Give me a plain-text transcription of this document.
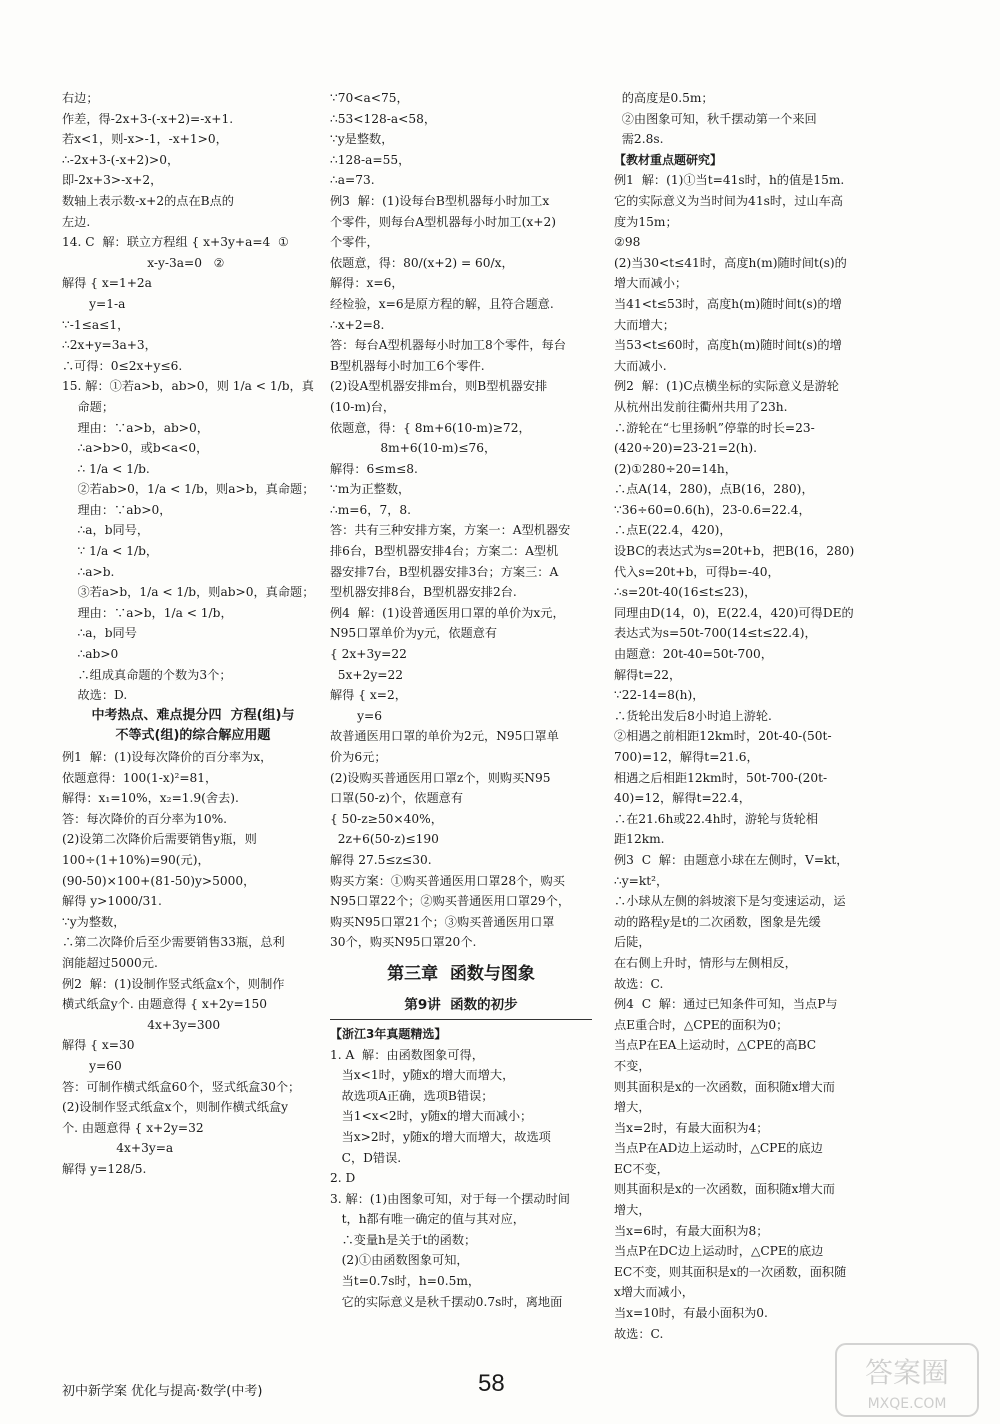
右边；
作差，得-2x+3-(-x+2)=-x+1.
若x<1，则-x>-1，-x+1>0，
∴-2x+3-(-x+2)>0，
即-2x+3>-x+2，
数轴上表示数-x+2的点在B点的
左边.
14. C  解：联立方程组 { x+3y+a=4  ①
x-y-3a=0   ②
解得 { x=1+2a
y=1-a
∵-1≤a≤1，
∴2x+y=3a+3，
∴可得：0≤2x+y≤6.
15. 解：①若a>b，ab>0，则 1/a < 1/b，真
命题；
理由：∵a>b，ab>0，
∴a>b>0，或b<a<0，
∴ 1/a < 1/b.
②若ab>0，1/a < 1/b，则a>b，真命题；
理由：∵ab>0，
∴a，b同号，
∵ 1/a < 1/b，
∴a>b.
③若a>b，1/a < 1/b，则ab>0，真命题；
理由：∵a>b，1/a < 1/b，
∴a，b同号
∴ab>0
∴组成真命题的个数为3个；
故选：D.
中考热点、难点提分四  方程(组)与
不等式(组)的综合解应用题
例1  解：(1)设每次降价的百分率为x，
依题意得：100(1-x)²=81，
解得：x₁=10%，x₂=1.9(舍去).
答：每次降价的百分率为10%.
(2)设第二次降价后需要销售y瓶，则
100÷(1+10%)=90(元)，
(90-50)×100+(81-50)y>5000，
解得 y>1000/31.
∵y为整数，
∴第二次降价后至少需要销售33瓶，总利
润能超过5000元.
例2  解：(1)设制作竖式纸盒x个，则制作
横式纸盒y个. 由题意得 { x+2y=150
4x+3y=300
解得 { x=30
y=60
答：可制作横式纸盒60个，竖式纸盒30个；
(2)设制作竖式纸盒x个，则制作横式纸盒y
个. 由题意得 { x+2y=32
4x+3y=a
解得 y=128/5.
∵70<a<75，
∴53<128-a<58，
∵y是整数，
∴128-a=55，
∴a=73.
例3  解：(1)设每台B型机器每小时加工x
个零件，则每台A型机器每小时加工(x+2)
个零件，
依题意，得：80/(x+2) = 60/x，
解得：x=6，
经检验，x=6是原方程的解，且符合题意.
∴x+2=8.
答：每台A型机器每小时加工8个零件，每台
B型机器每小时加工6个零件.
(2)设A型机器安排m台，则B型机器安排
(10-m)台，
依题意，得：{ 8m+6(10-m)≥72，
8m+6(10-m)≤76，
解得：6≤m≤8.
∵m为正整数，
∴m=6，7，8.
答：共有三种安排方案，方案一：A型机器安
排6台，B型机器安排4台；方案二：A型机
器安排7台，B型机器安排3台；方案三：A
型机器安排8台，B型机器安排2台.
例4  解：(1)设普通医用口罩的单价为x元，
N95口罩单价为y元，依题意有
{ 2x+3y=22
5x+2y=22
解得 { x=2，
y=6
故普通医用口罩的单价为2元，N95口罩单
价为6元；
(2)设购买普通医用口罩z个，则购买N95
口罩(50-z)个，依题意有
{ 50-z≥50×40%，
2z+6(50-z)≤190
解得 27.5≤z≤30.
购买方案：①购买普通医用口罩28个，购买
N95口罩22个；②购买普通医用口罩29个，
购买N95口罩21个；③购买普通医用口罩
30个，购买N95口罩20个.
第三章  函数与图象
第9讲  函数的初步
【浙江3年真题精选】
1. A  解：由函数图象可得，
当x<1时，y随x的增大而增大，
故选项A正确，选项B错误；
当1<x<2时，y随x的增大而减小；
当x>2时，y随x的增大而增大，故选项
C，D错误.
2. D
3. 解：(1)由图象可知，对于每一个摆动时间
t，h都有唯一确定的值与其对应，
∴变量h是关于t的函数；
(2)①由函数图象可知，
当t=0.7s时，h=0.5m，
它的实际意义是秋千摆动0.7s时，离地面
的高度是0.5m；
②由图象可知，秋千摆动第一个来回
需2.8s.
【教材重点题研究】
例1  解：(1)①当t=41s时，h的值是15m.
它的实际意义为当时间为41s时，过山车高
度为15m；
②98
(2)当30<t≤41时，高度h(m)随时间t(s)的
增大而减小；
当41<t≤53时，高度h(m)随时间t(s)的增
大而增大；
当53<t≤60时，高度h(m)随时间t(s)的增
大而减小.
例2  解：(1)C点横坐标的实际意义是游轮
从杭州出发前往衢州共用了23h.
∴游轮在“七里扬帆”停靠的时长=23-
(420÷20)=23-21=2(h).
(2)①280÷20=14h，
∴点A(14，280)，点B(16，280)，
∵36÷60=0.6(h)，23-0.6=22.4，
∴点E(22.4，420)，
设BC的表达式为s=20t+b，把B(16，280)
代入s=20t+b，可得b=-40，
∴s=20t-40(16≤t≤23)，
同理由D(14，0)，E(22.4，420)可得DE的
表达式为s=50t-700(14≤t≤22.4)，
由题意：20t-40=50t-700，
解得t=22，
∵22-14=8(h)，
∴货轮出发后8小时追上游轮.
②相遇之前相距12km时，20t-40-(50t-
700)=12，解得t=21.6，
相遇之后相距12km时，50t-700-(20t-
40)=12，解得t=22.4，
∴在21.6h或22.4h时，游轮与货轮相
距12km.
例3  C  解：由题意小球在左侧时，V=kt，
∴y=kt²，
∴小球从左侧的斜坡滚下是匀变速运动，运
动的路程y是t的二次函数，图象是先缓
后陡，
在右侧上升时，情形与左侧相反，
故选：C.
例4  C  解：通过已知条件可知，当点P与
点E重合时，△CPE的面积为0；
当点P在EA上运动时，△CPE的高BC
不变，
则其面积是x的一次函数，面积随x增大而
增大，
当x=2时，有最大面积为4；
当点P在AD边上运动时，△CPE的底边
EC不变，
则其面积是x的一次函数，面积随x增大而
增大，
当x=6时，有最大面积为8；
当点P在DC边上运动时，△CPE的底边
EC不变，则其面积是x的一次函数，面积随
x增大而减小，
当x=10时，有最小面积为0.
故选：C.
初中新学案 优化与提高·数学(中考)	58	答案圈
MXQE.COM
